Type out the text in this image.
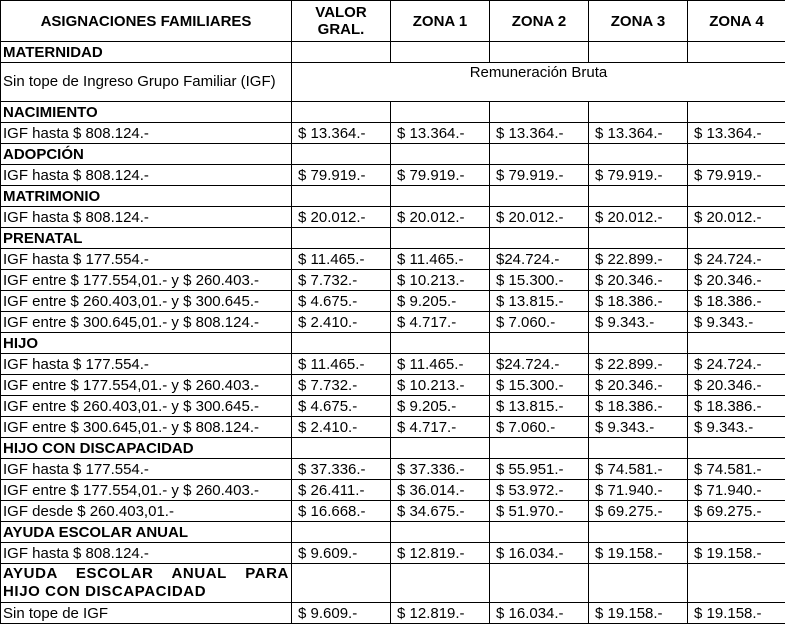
ASIGNACIONES FAMILIARES	VALOR GRAL.	ZONA 1	ZONA 2	ZONA 3	ZONA 4
MATERNIDAD					
Sin tope de Ingreso Grupo Familiar (IGF)	Remuneración Bruta				
NACIMIENTO					
IGF hasta $ 808.124.-	$ 13.364.-	$ 13.364.-	$ 13.364.-	$ 13.364.-	$ 13.364.-
ADOPCIÓN					
IGF hasta $ 808.124.-	$ 79.919.-	$ 79.919.-	$ 79.919.-	$ 79.919.-	$ 79.919.-
MATRIMONIO					
IGF hasta $ 808.124.-	$ 20.012.-	$ 20.012.-	$ 20.012.-	$ 20.012.-	$ 20.012.-
PRENATAL					
IGF hasta $ 177.554.-	$ 11.465.-	$ 11.465.-	$24.724.-	$ 22.899.-	$ 24.724.-
IGF entre $ 177.554,01.- y $ 260.403.-	$ 7.732.-	$ 10.213.-	$ 15.300.-	$ 20.346.-	$ 20.346.-
IGF entre $ 260.403,01.- y $ 300.645.-	$ 4.675.-	$ 9.205.-	$ 13.815.-	$ 18.386.-	$ 18.386.-
IGF entre $ 300.645,01.- y $ 808.124.-	$ 2.410.-	$ 4.717.-	$ 7.060.-	$ 9.343.-	$ 9.343.-
HIJO					
IGF hasta $ 177.554.-	$ 11.465.-	$ 11.465.-	$24.724.-	$ 22.899.-	$ 24.724.-
IGF entre $ 177.554,01.- y $ 260.403.-	$ 7.732.-	$ 10.213.-	$ 15.300.-	$ 20.346.-	$ 20.346.-
IGF entre $ 260.403,01.- y $ 300.645.-	$ 4.675.-	$ 9.205.-	$ 13.815.-	$ 18.386.-	$ 18.386.-
IGF entre $ 300.645,01.- y $ 808.124.-	$ 2.410.-	$ 4.717.-	$ 7.060.-	$ 9.343.-	$ 9.343.-
HIJO CON DISCAPACIDAD					
IGF hasta $ 177.554.-	$ 37.336.-	$ 37.336.-	$ 55.951.-	$ 74.581.-	$ 74.581.-
IGF entre $ 177.554,01.- y $ 260.403.-	$ 26.411.-	$ 36.014.-	$ 53.972.-	$ 71.940.-	$ 71.940.-
IGF desde $ 260.403,01.-	$ 16.668.-	$ 34.675.-	$ 51.970.-	$ 69.275.-	$ 69.275.-
AYUDA ESCOLAR ANUAL					
IGF hasta $ 808.124.-	$ 9.609.-	$ 12.819.-	$ 16.034.-	$ 19.158.-	$ 19.158.-
AYUDA ESCOLAR ANUAL PARA HIJO CON DISCAPACIDAD					
Sin tope de IGF	$ 9.609.-	$ 12.819.-	$ 16.034.-	$ 19.158.-	$ 19.158.-
